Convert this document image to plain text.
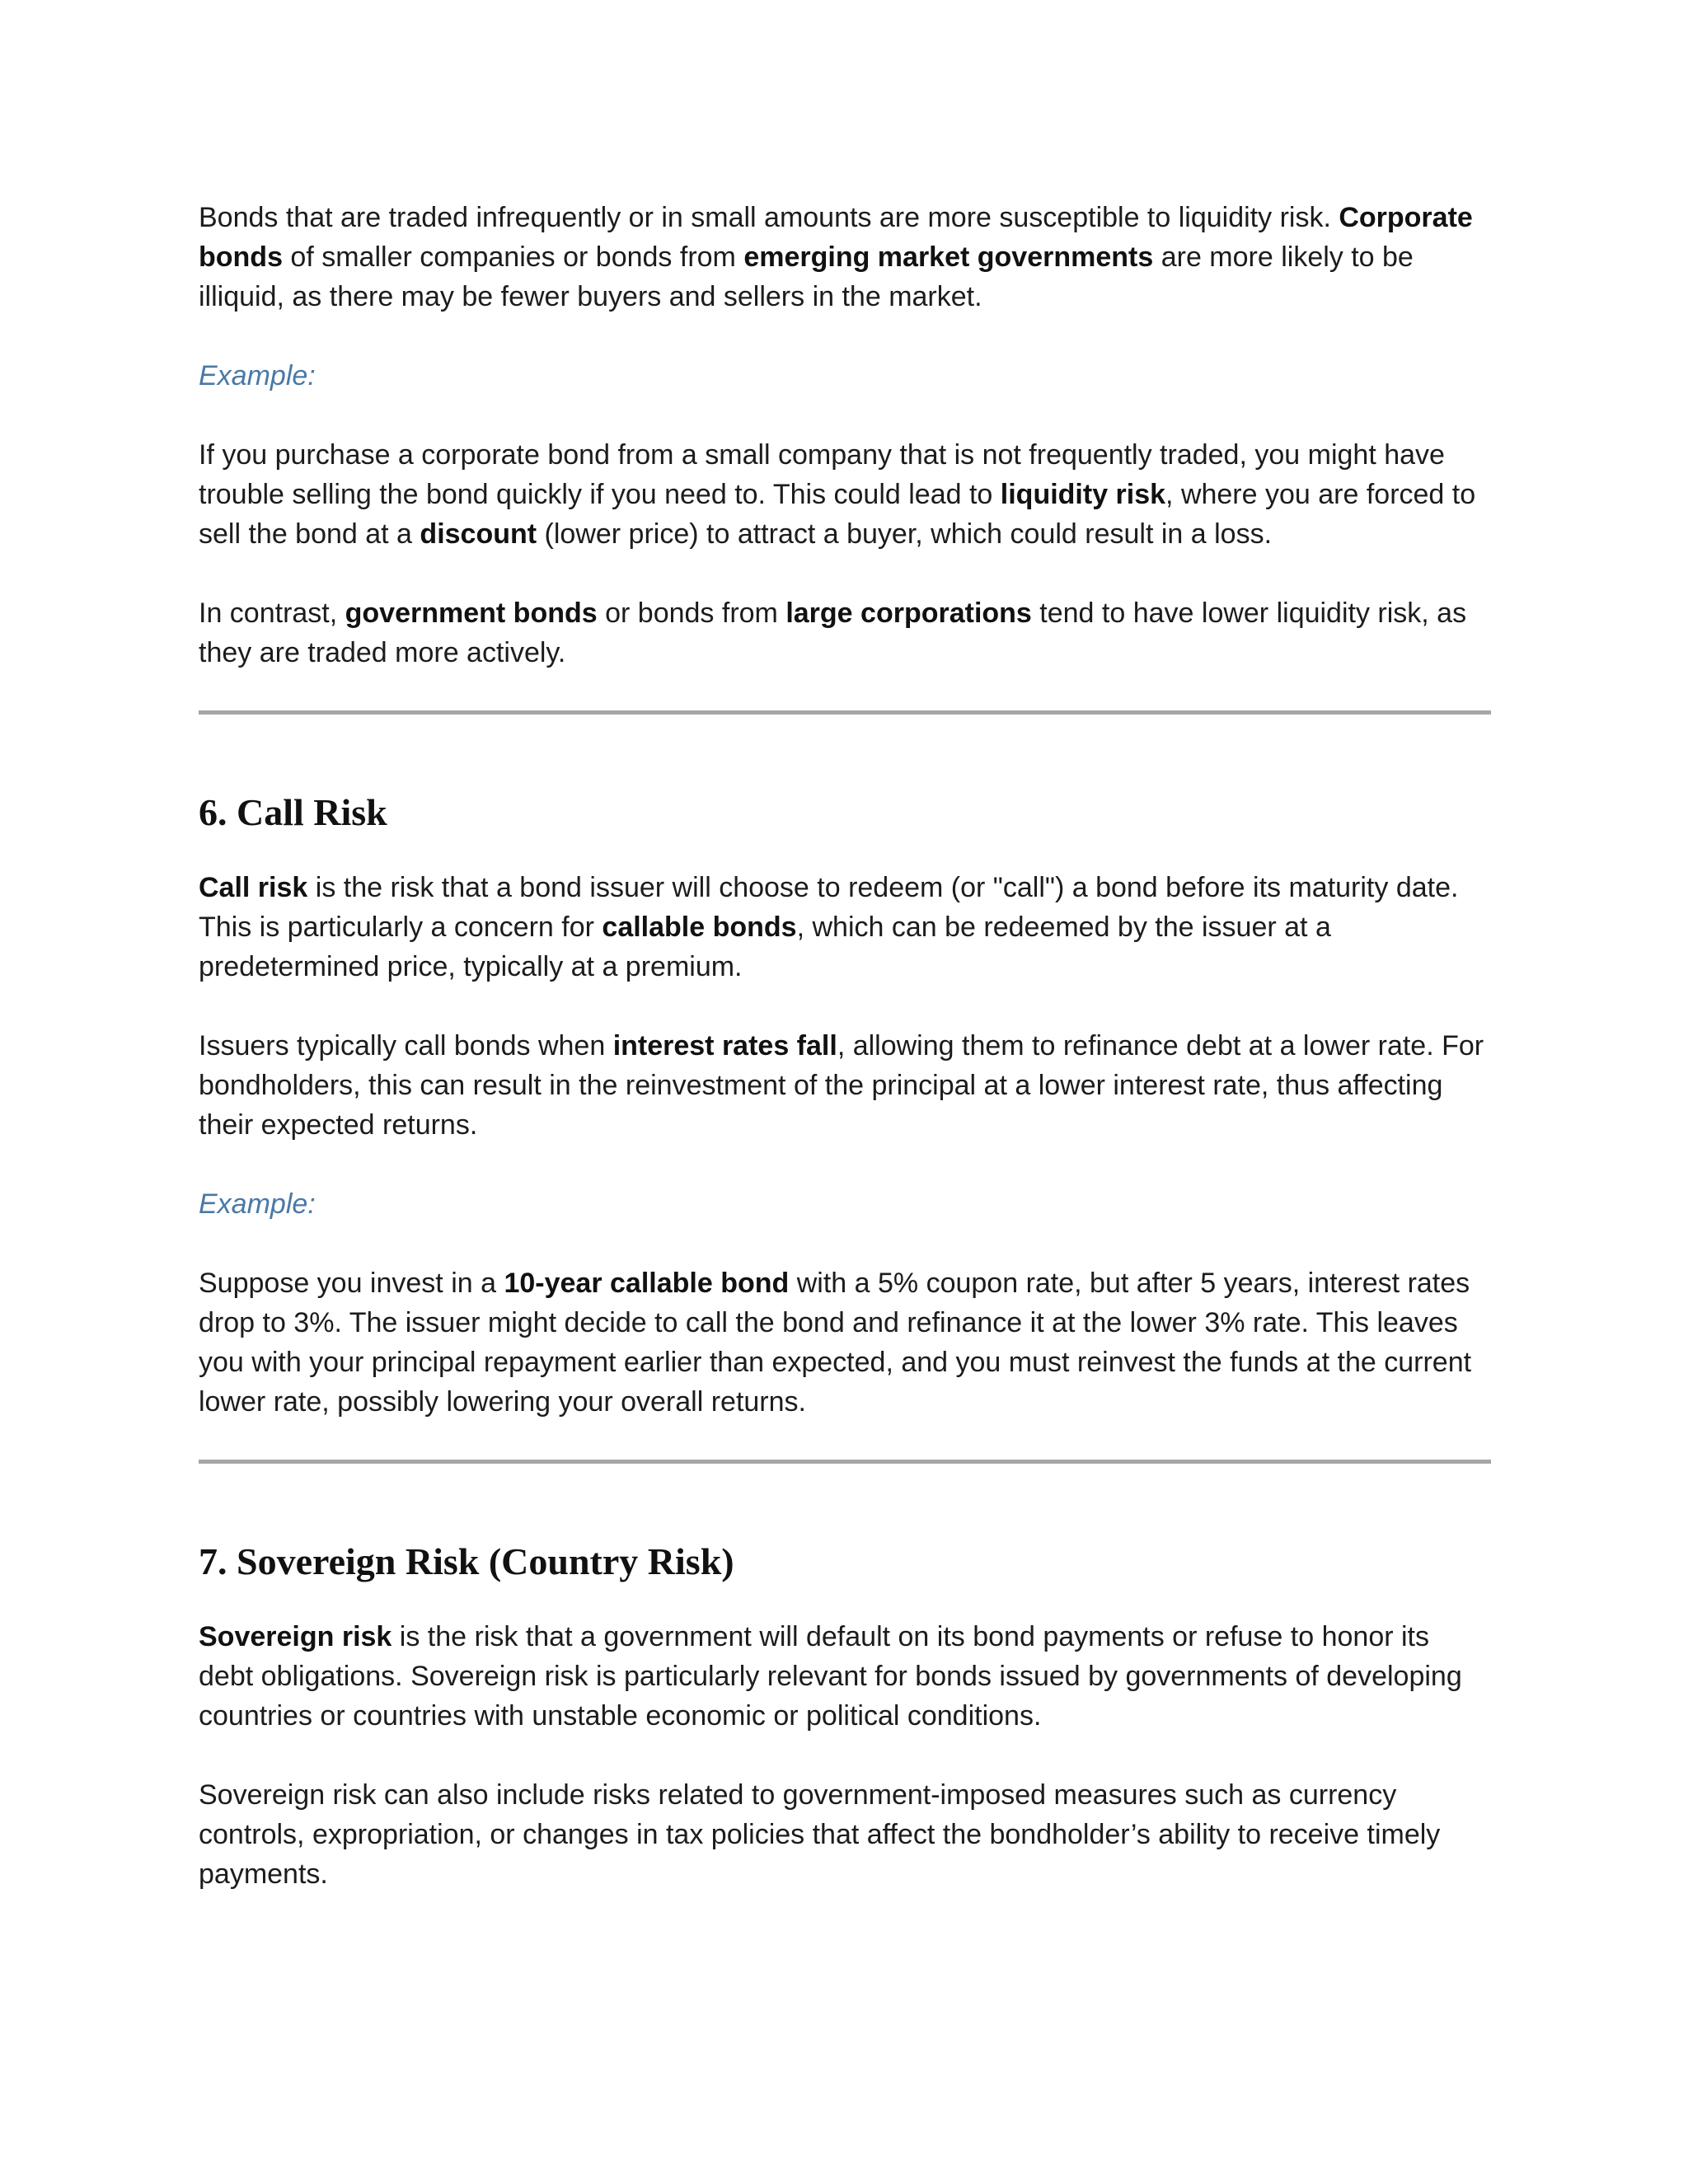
Bonds that are traded infrequently or in small amounts are more susceptible to liquidity risk. Corporate bonds of smaller companies or bonds from emerging market governments are more likely to be illiquid, as there may be fewer buyers and sellers in the market.

Example:

If you purchase a corporate bond from a small company that is not frequently traded, you might have trouble selling the bond quickly if you need to. This could lead to liquidity risk, where you are forced to sell the bond at a discount (lower price) to attract a buyer, which could result in a loss.

In contrast, government bonds or bonds from large corporations tend to have lower liquidity risk, as they are traded more actively.

6. Call Risk

Call risk is the risk that a bond issuer will choose to redeem (or "call") a bond before its maturity date. This is particularly a concern for callable bonds, which can be redeemed by the issuer at a predetermined price, typically at a premium.

Issuers typically call bonds when interest rates fall, allowing them to refinance debt at a lower rate. For bondholders, this can result in the reinvestment of the principal at a lower interest rate, thus affecting their expected returns.

Example:

Suppose you invest in a 10-year callable bond with a 5% coupon rate, but after 5 years, interest rates drop to 3%. The issuer might decide to call the bond and refinance it at the lower 3% rate. This leaves you with your principal repayment earlier than expected, and you must reinvest the funds at the current lower rate, possibly lowering your overall returns.

7. Sovereign Risk (Country Risk)

Sovereign risk is the risk that a government will default on its bond payments or refuse to honor its debt obligations. Sovereign risk is particularly relevant for bonds issued by governments of developing countries or countries with unstable economic or political conditions.

Sovereign risk can also include risks related to government-imposed measures such as currency controls, expropriation, or changes in tax policies that affect the bondholder’s ability to receive timely payments.
